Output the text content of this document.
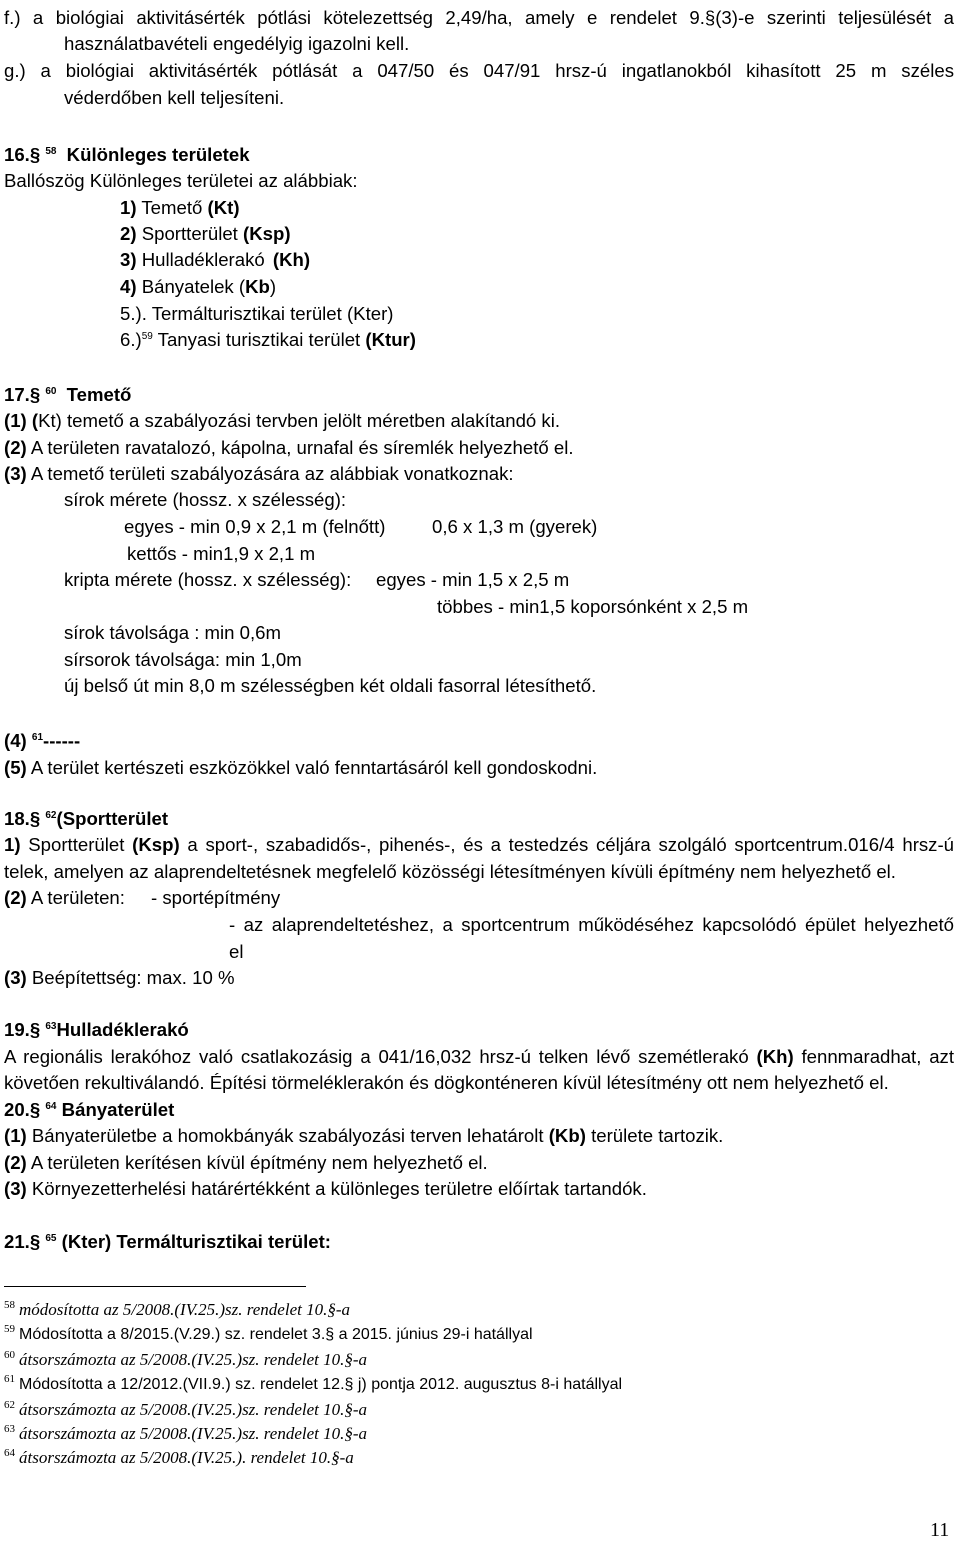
f.) a biológiai aktivitásérték pótlási kötelezettség 2,49/ha, amely e rendelet 9.§(3)-e szerinti teljesülését a
használatbavételi engedélyig igazolni kell.
g.) a biológiai aktivitásérték pótlását a 047/50 és 047/91 hrsz-ú ingatlanokból kihasított 25 m széles
véderdőben kell teljesíteni.
16.§ $^{58}$ Különleges területek
Ballószög Különleges területei az alábbiak:
1) Temető (Kt)
2) Sportterület (Ksp)
3) Hulladéklerakó (Kh)
4) Bányatelek (Kb)
5.). Termálturisztikai terület (Kter)
6.)$^{59}$ Tanyasi turisztikai terület (Ktur)
17.§ $^{60}$ Temető
(1) (Kt) temető a szabályozási tervben jelölt méretben alakítandó ki.
(2) A területen ravatalozó, kápolna, urnafal és síremlék helyezhető el.
(3) A temető területi szabályozására az alábbiak vonatkoznak:
sírok mérete (hossz. x szélesség):
egyes - min 0,9 x 2,1 m (felnőtt)	0,6 x 1,3 m (gyerek)
kettős - min1,9 x 2,1 m
kripta mérete (hossz. x szélesség): egyes - min 1,5 x 2,5 m
többes - min1,5 koporsónként x 2,5 m
sírok távolsága : min 0,6m
sírsorok távolsága: min 1,0m
új belső út min 8,0 m szélességben két oldali fasorral létesíthető.
(4) $^{61}$------
(5) A terület kertészeti eszközökkel való fenntartásáról kell gondoskodni.
18.§ $^{62}$(Sportterület
1) Sportterület (Ksp) a sport-, szabadidős-, pihenés-, és a testedzés céljára szolgáló sportcentrum.016/4 hrsz-ú
telek, amelyen az alaprendeltetésnek megfelelő közösségi létesítményen kívüli építmény nem helyezhető el.
(2) A területen: - sportépítmény
- az alaprendeltetéshez, a sportcentrum működéséhez kapcsolódó épület helyezhető
el
(3) Beépítettség: max. 10 %
19.§ $^{63}$Hulladéklerakó
A regionális lerakóhoz való csatlakozásig a 041/16,032 hrsz-ú telken lévő szemétlerakó (Kh) fennmaradhat, azt
követően rekultiválandó. Építési törmeléklerakón és dögkonténeren kívül létesítmény ott nem helyezhető el.
20.§ $^{64}$ Bányaterület
(1) Bányaterületbe a homokbányák szabályozási terven lehatárolt (Kb) területe tartozik.
(2) A területen kerítésen kívül építmény nem helyezhető el.
(3) Környezetterhelési határértékként a különleges területre előírtak tartandók.
21.§ $^{65}$ (Kter) Termálturisztikai terület:
$^{58}$ módosította az 5/2008.(IV.25.)sz. rendelet 10.§-a
$^{59}$ Módosította a 8/2015.(V.29.) sz. rendelet 3.§ a 2015. június 29-i hatállyal
$^{60}$ átsorszámozta az 5/2008.(IV.25.)sz. rendelet 10.§-a
$^{61}$ Módosította a 12/2012.(VII.9.) sz. rendelet 12.§ j) pontja 2012. augusztus 8-i hatállyal
$^{62}$ átsorszámozta az 5/2008.(IV.25.)sz. rendelet 10.§-a
$^{63}$ átsorszámozta az 5/2008.(IV.25.)sz. rendelet 10.§-a
$^{64}$ átsorszámozta az 5/2008.(IV.25.). rendelet 10.§-a
11
